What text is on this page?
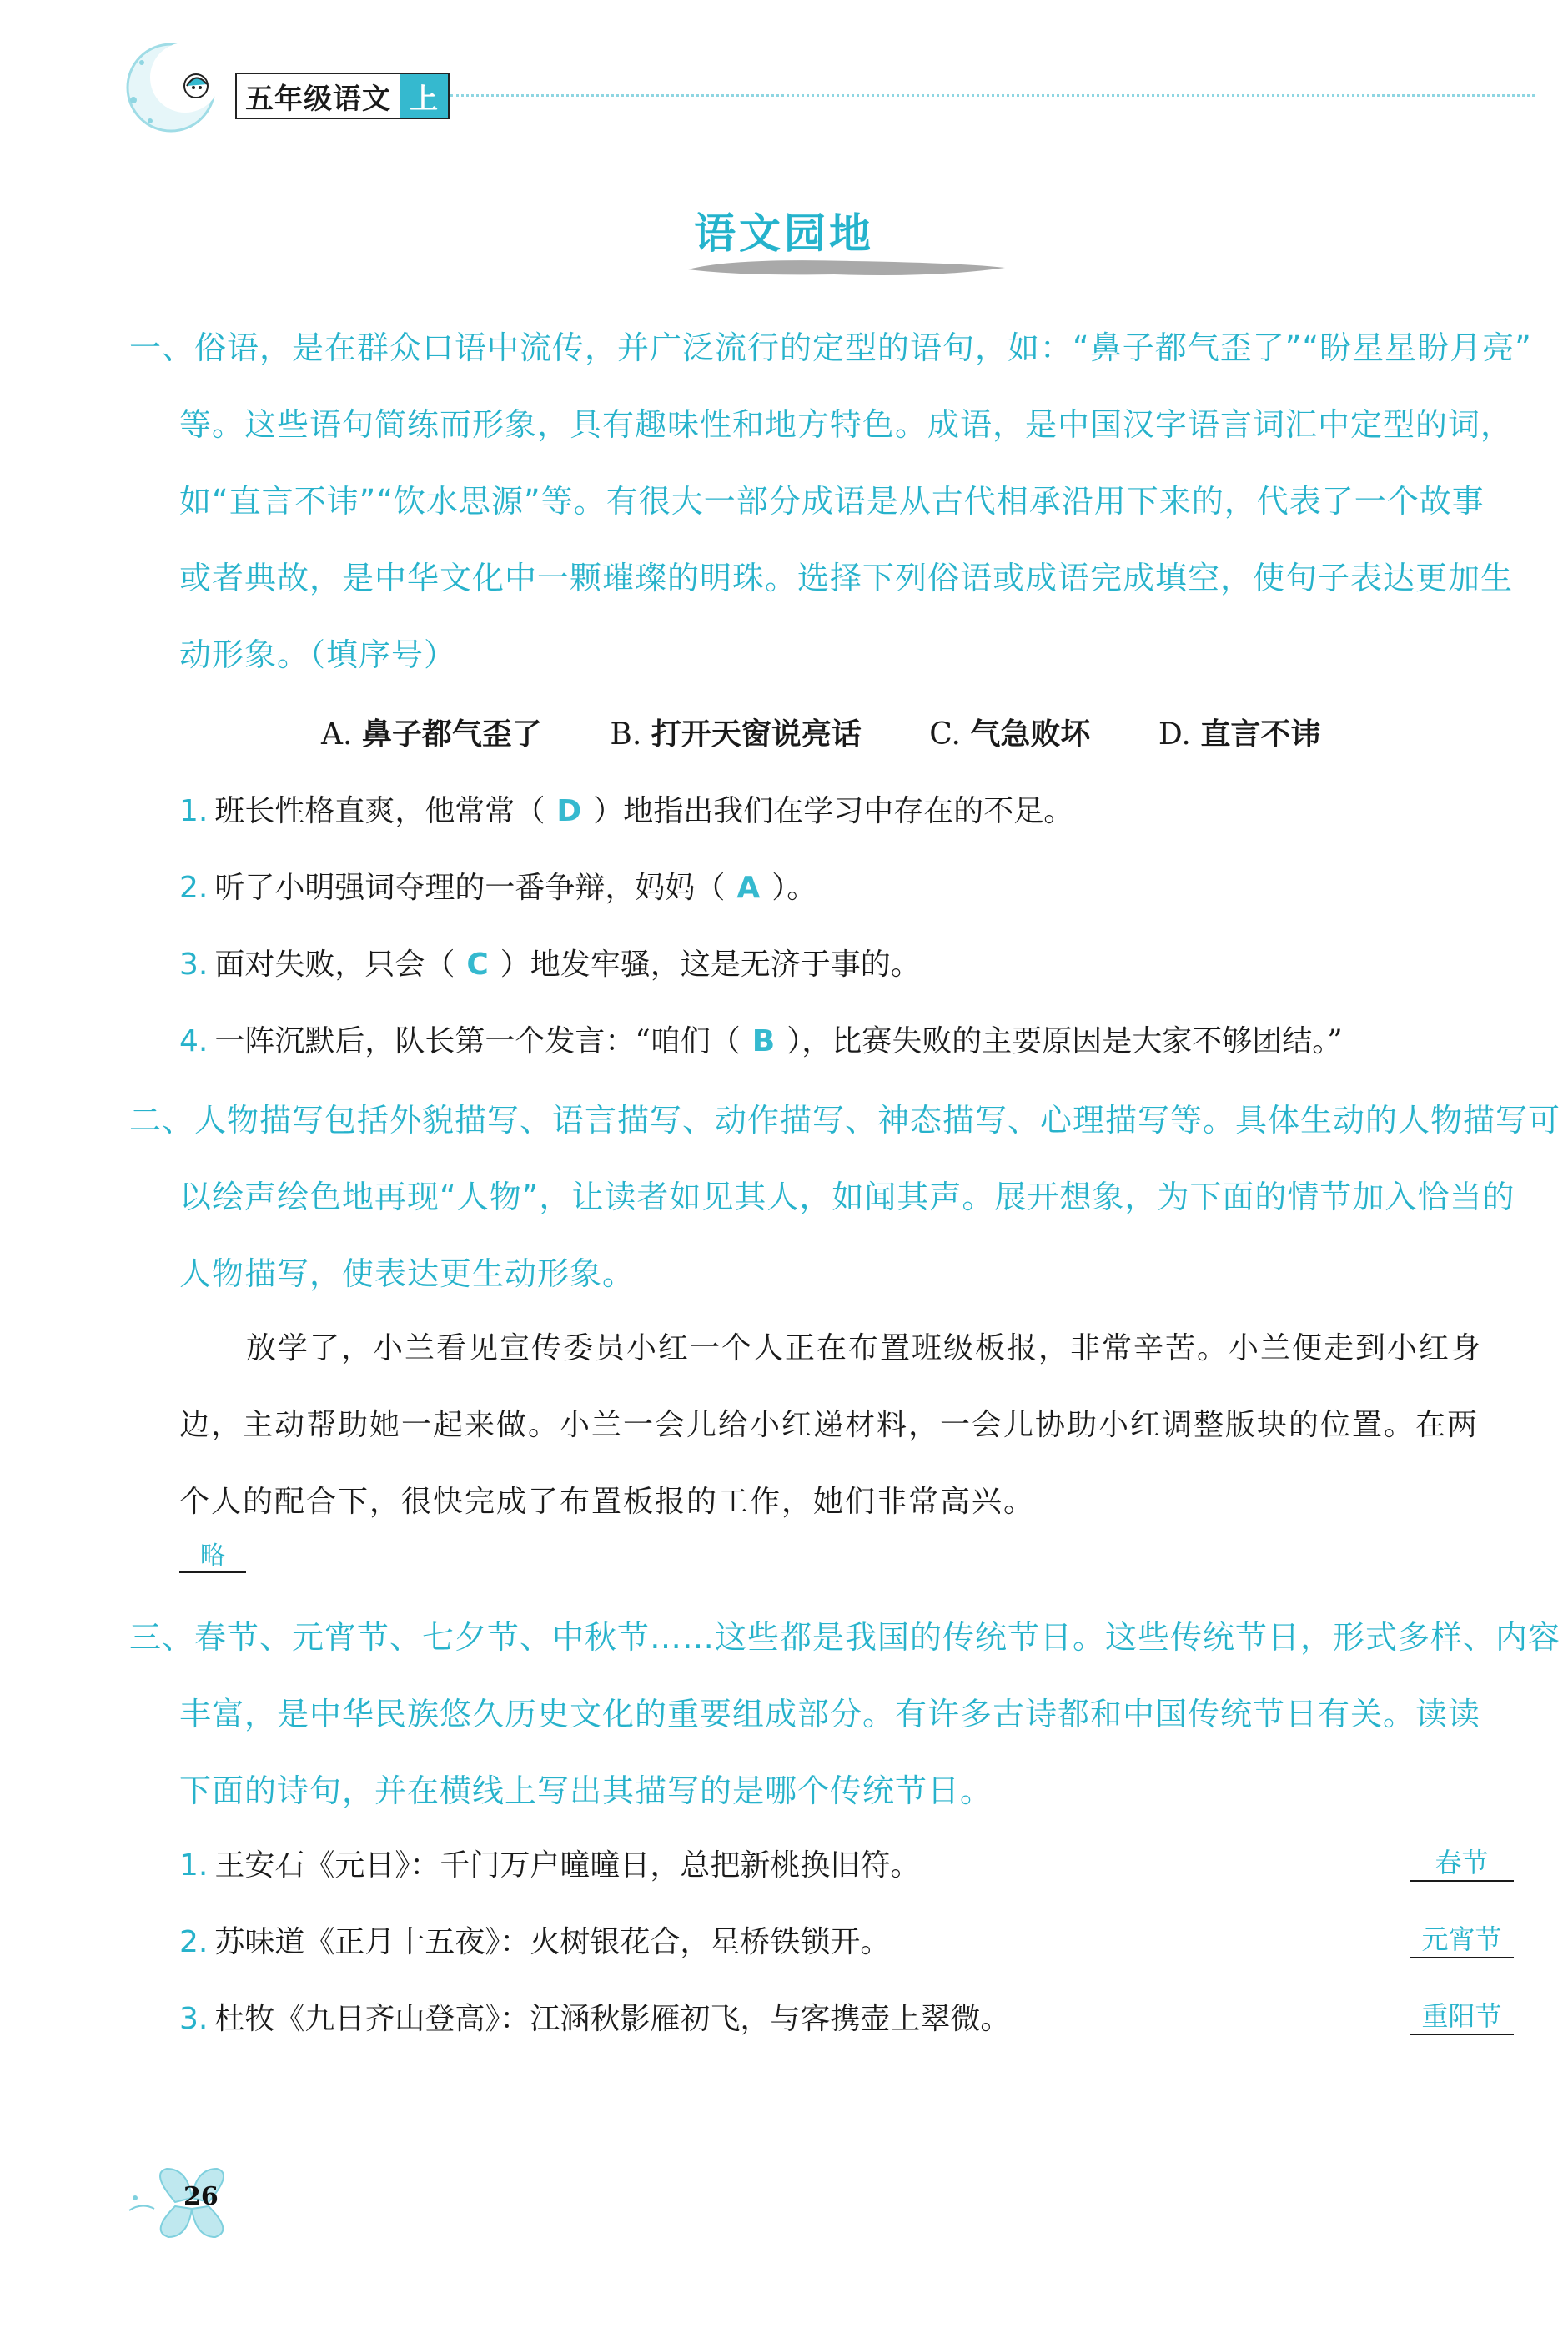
五年级语文 上
语文园地
一、俗语，是在群众口语中流传，并广泛流行的定型的语句，如：“鼻子都气歪了”“盼星星盼月亮”
等。这些语句简练而形象，具有趣味性和地方特色。成语，是中国汉字语言词汇中定型的词，
如“直言不讳”“饮水思源”等。有很大一部分成语是从古代相承沿用下来的，代表了一个故事
或者典故，是中华文化中一颗璀璨的明珠。选择下列俗语或成语完成填空，使句子表达更加生
动形象。（填序号）
A. 鼻子都气歪了 B. 打开天窗说亮话 C. 气急败坏 D. 直言不讳
1. 班长性格直爽，他常常（ D ）地指出我们在学习中存在的不足。
2. 听了小明强词夺理的一番争辩，妈妈（ A ）。
3. 面对失败，只会（ C ）地发牢骚，这是无济于事的。
4. 一阵沉默后，队长第一个发言：“咱们（ B ），比赛失败的主要原因是大家不够团结。”
二、人物描写包括外貌描写、语言描写、动作描写、神态描写、心理描写等。具体生动的人物描写可
以绘声绘色地再现“人物”，让读者如见其人，如闻其声。展开想象，为下面的情节加入恰当的
人物描写，使表达更生动形象。
放学了，小兰看见宣传委员小红一个人正在布置班级板报，非常辛苦。小兰便走到小红身
边，主动帮助她一起来做。小兰一会儿给小红递材料，一会儿协助小红调整版块的位置。在两
个人的配合下，很快完成了布置板报的工作，她们非常高兴。
略
三、春节、元宵节、七夕节、中秋节……这些都是我国的传统节日。这些传统节日，形式多样、内容
丰富，是中华民族悠久历史文化的重要组成部分。有许多古诗都和中国传统节日有关。读读
下面的诗句，并在横线上写出其描写的是哪个传统节日。
1. 王安石《元日》：千门万户曈曈日，总把新桃换旧符。	春节
2. 苏味道《正月十五夜》：火树银花合，星桥铁锁开。	元宵节
3. 杜牧《九日齐山登高》：江涵秋影雁初飞，与客携壶上翠微。	重阳节
26
